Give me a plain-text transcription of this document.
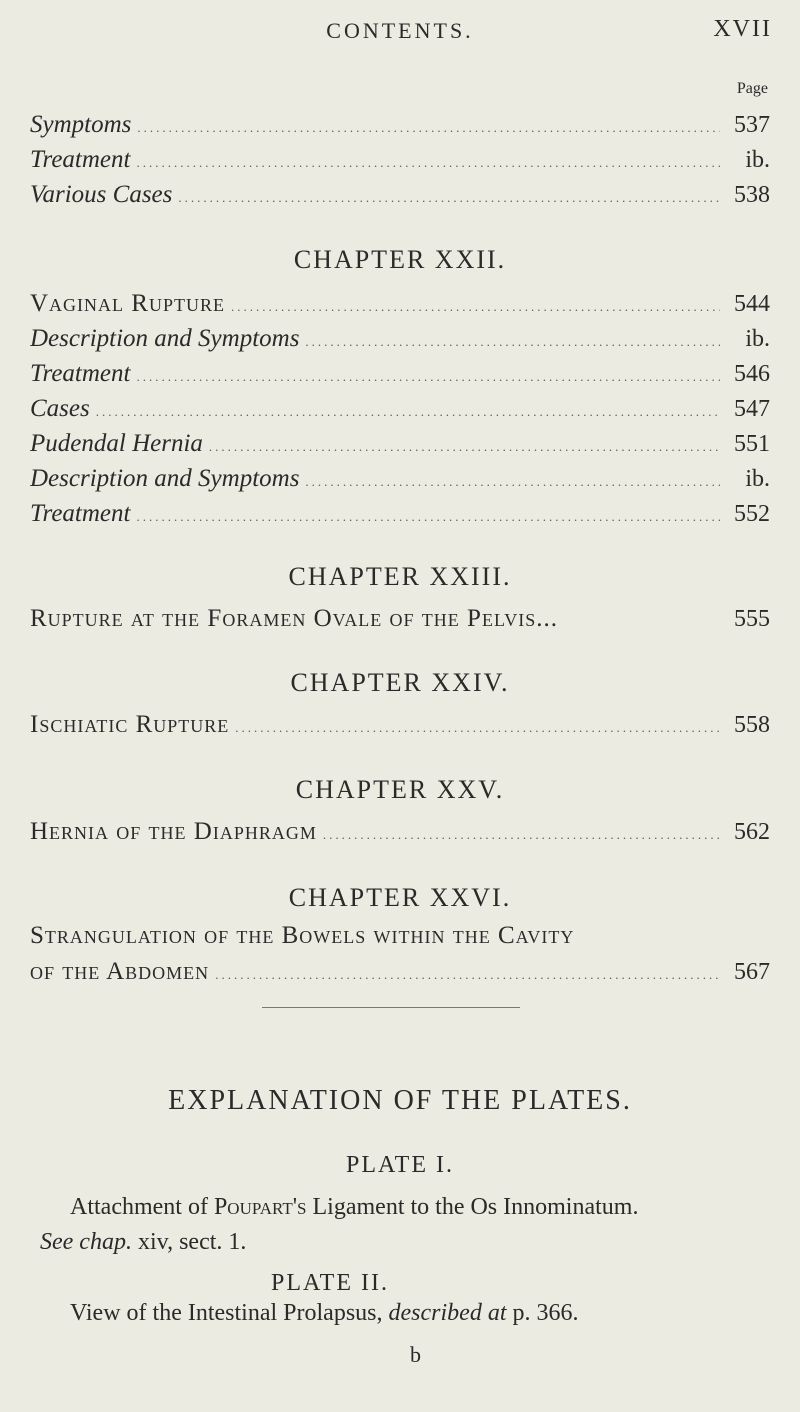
CONTENTS.	XVII
Page
Symptoms .....	537
Treatment .....	ib.
Various Cases .....	538
CHAPTER XXII.
Vaginal Rupture .....	544
Description and Symptoms .....	ib.
Treatment .....	546
Cases .....	547
Pudendal Hernia .....	551
Description and Symptoms .....	ib.
Treatment .....	552
CHAPTER XXIII.
Rupture at the Foramen Ovale of the Pelvis...	555
CHAPTER XXIV.
Ischiatic Rupture .....	558
CHAPTER XXV.
Hernia of the Diaphragm .....	562
CHAPTER XXVI.
Strangulation of the Bowels within the Cavity
of the Abdomen .....	567
EXPLANATION OF THE PLATES.
PLATE I.
Attachment of Poupart's Ligament to the Os Innominatum.
See chap. xiv, sect. 1.
PLATE II.
View of the Intestinal Prolapsus, described at p. 366.
b
